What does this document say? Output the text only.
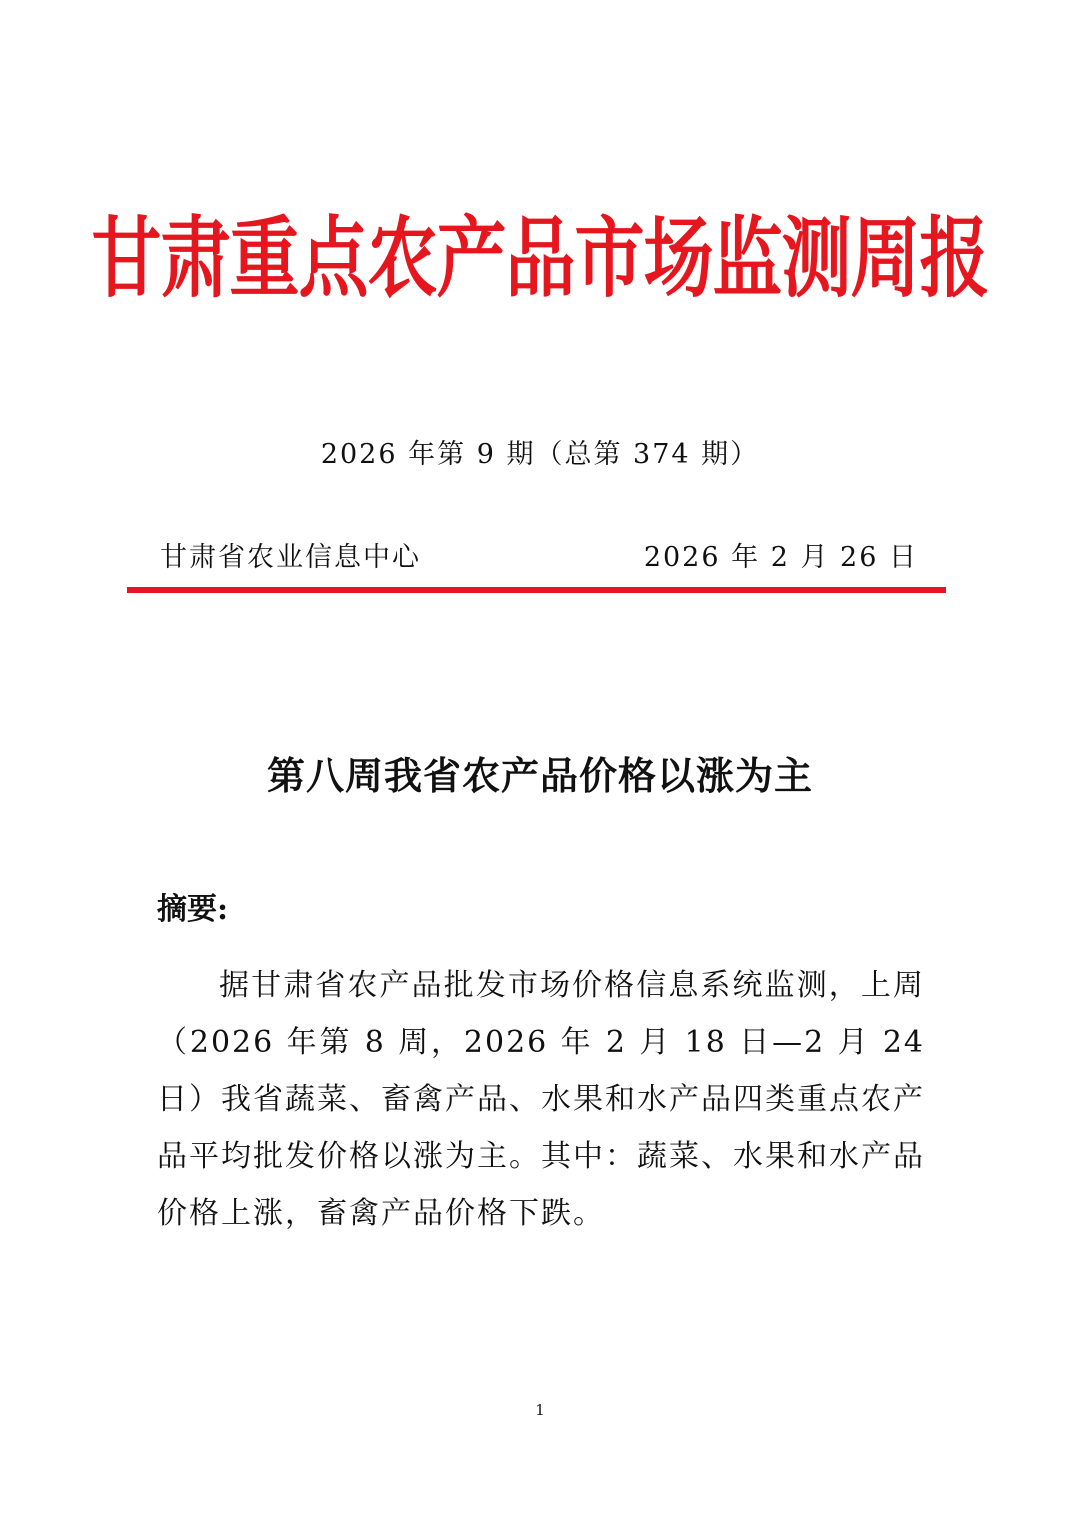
甘肃重点农产品市场监测周报
2026 年第 9 期（总第 374 期）
甘肃省农业信息中心	2026 年 2 月 26 日
第八周我省农产品价格以涨为主
摘要:
据甘肃省农产品批发市场价格信息系统监测，上周（2026 年第 8 周，2026 年 2 月 18 日—2 月 24 日）我省蔬菜、畜禽产品、水果和水产品四类重点农产品平均批发价格以涨为主。其中：蔬菜、水果和水产品价格上涨，畜禽产品价格下跌。
1
